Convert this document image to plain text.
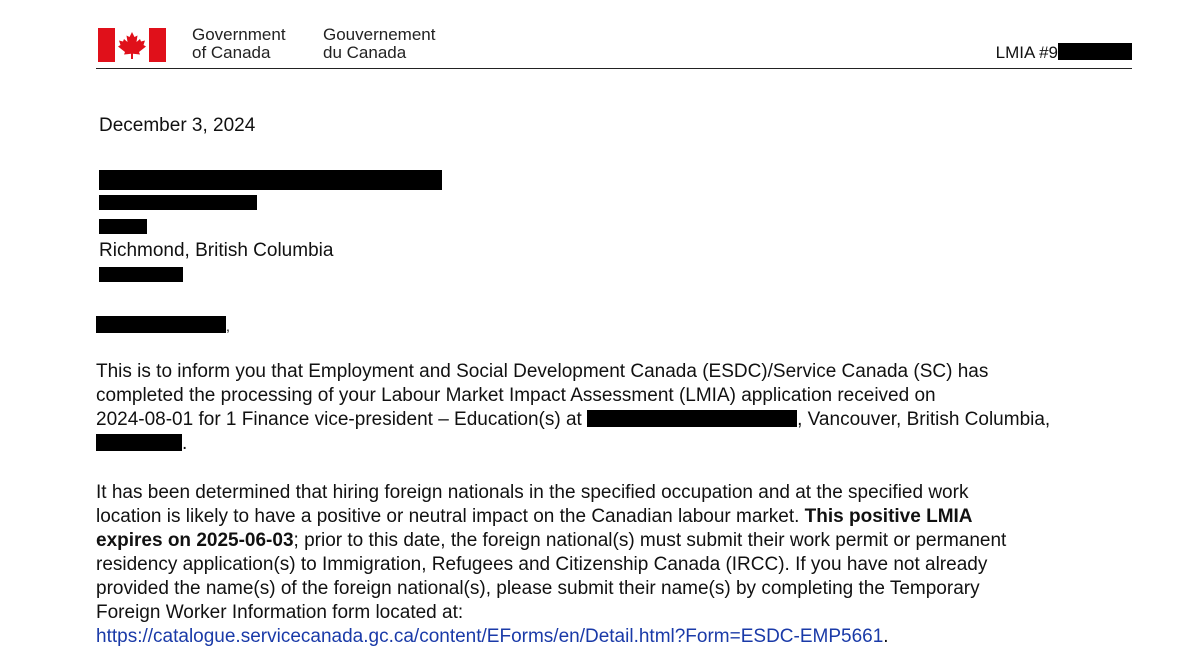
Government
of Canada
Gouvernement
du Canada	LMIA #9
December 3, 2024
Richmond, British Columbia
,
This is to inform you that Employment and Social Development Canada (ESDC)/Service Canada (SC) has
completed the processing of your Labour Market Impact Assessment (LMIA) application received on
2024-08-01 for 1 Finance vice-president – Education(s) at	, Vancouver, British Columbia,
.
It has been determined that hiring foreign nationals in the specified occupation and at the specified work
location is likely to have a positive or neutral impact on the Canadian labour market. This positive LMIA
expires on 2025-06-03; prior to this date, the foreign national(s) must submit their work permit or permanent
residency application(s) to Immigration, Refugees and Citizenship Canada (IRCC). If you have not already
provided the name(s) of the foreign national(s), please submit their name(s) by completing the Temporary
Foreign Worker Information form located at:
https://catalogue.servicecanada.gc.ca/content/EForms/en/Detail.html?Form=ESDC-EMP5661.
